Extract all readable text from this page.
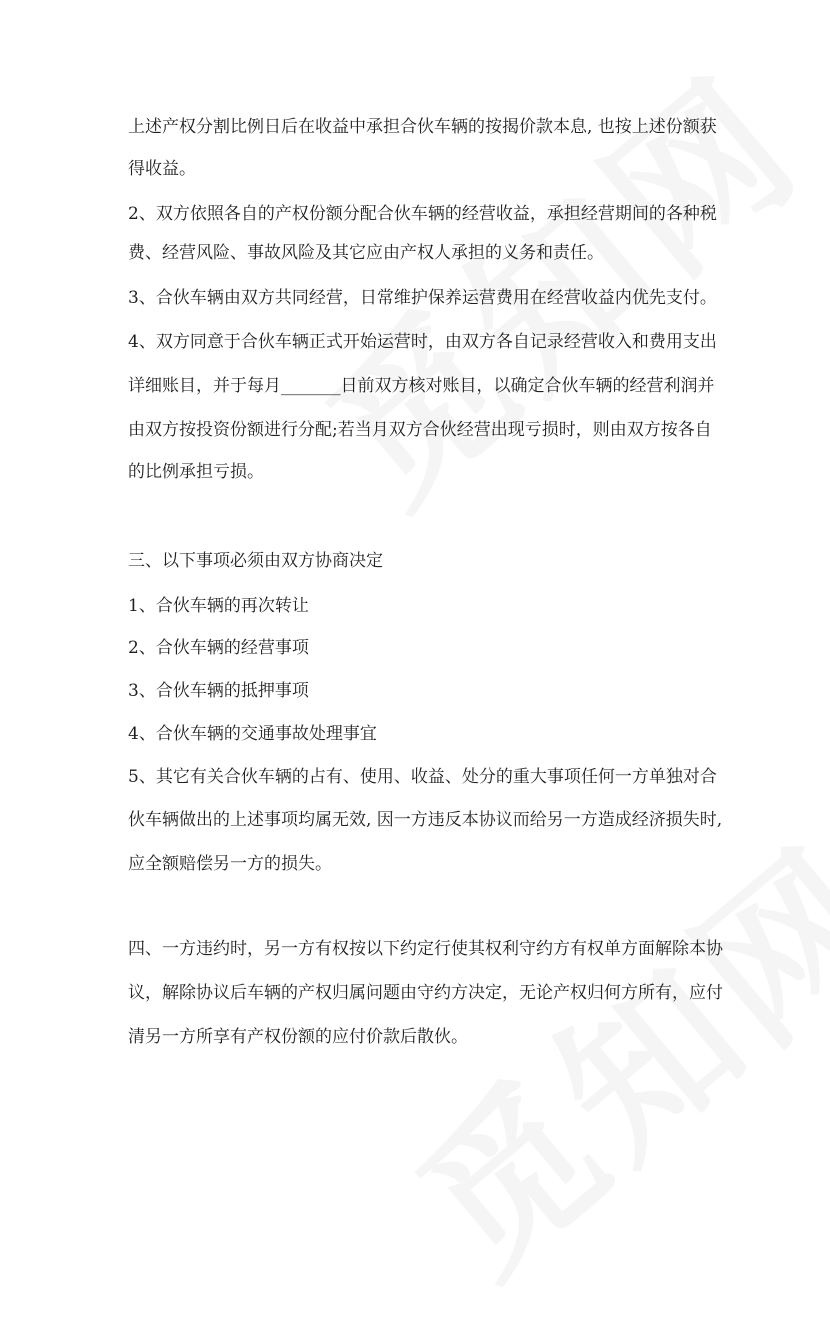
上述产权分割比例日后在收益中承担合伙车辆的按揭价款本息, 也按上述份额获
得收益。
2、双方依照各自的产权份额分配合伙车辆的经营收益，承担经营期间的各种税
费、经营风险、事故风险及其它应由产权人承担的义务和责任。
3、合伙车辆由双方共同经营，日常维护保养运营费用在经营收益内优先支付。
4、双方同意于合伙车辆正式开始运营时，由双方各自记录经营收入和费用支出
详细账目，并于每月_______日前双方核对账目，以确定合伙车辆的经营利润并
由双方按投资份额进行分配;若当月双方合伙经营出现亏损时，则由双方按各自
的比例承担亏损。
三、以下事项必须由双方协商决定
1、合伙车辆的再次转让
2、合伙车辆的经营事项
3、合伙车辆的抵押事项
4、合伙车辆的交通事故处理事宜
5、其它有关合伙车辆的占有、使用、收益、处分的重大事项任何一方单独对合
伙车辆做出的上述事项均属无效, 因一方违反本协议而给另一方造成经济损失时,
应全额赔偿另一方的损失。
四、一方违约时，另一方有权按以下约定行使其权利守约方有权单方面解除本协
议，解除协议后车辆的产权归属问题由守约方决定，无论产权归何方所有，应付
清另一方所享有产权份额的应付价款后散伙。
